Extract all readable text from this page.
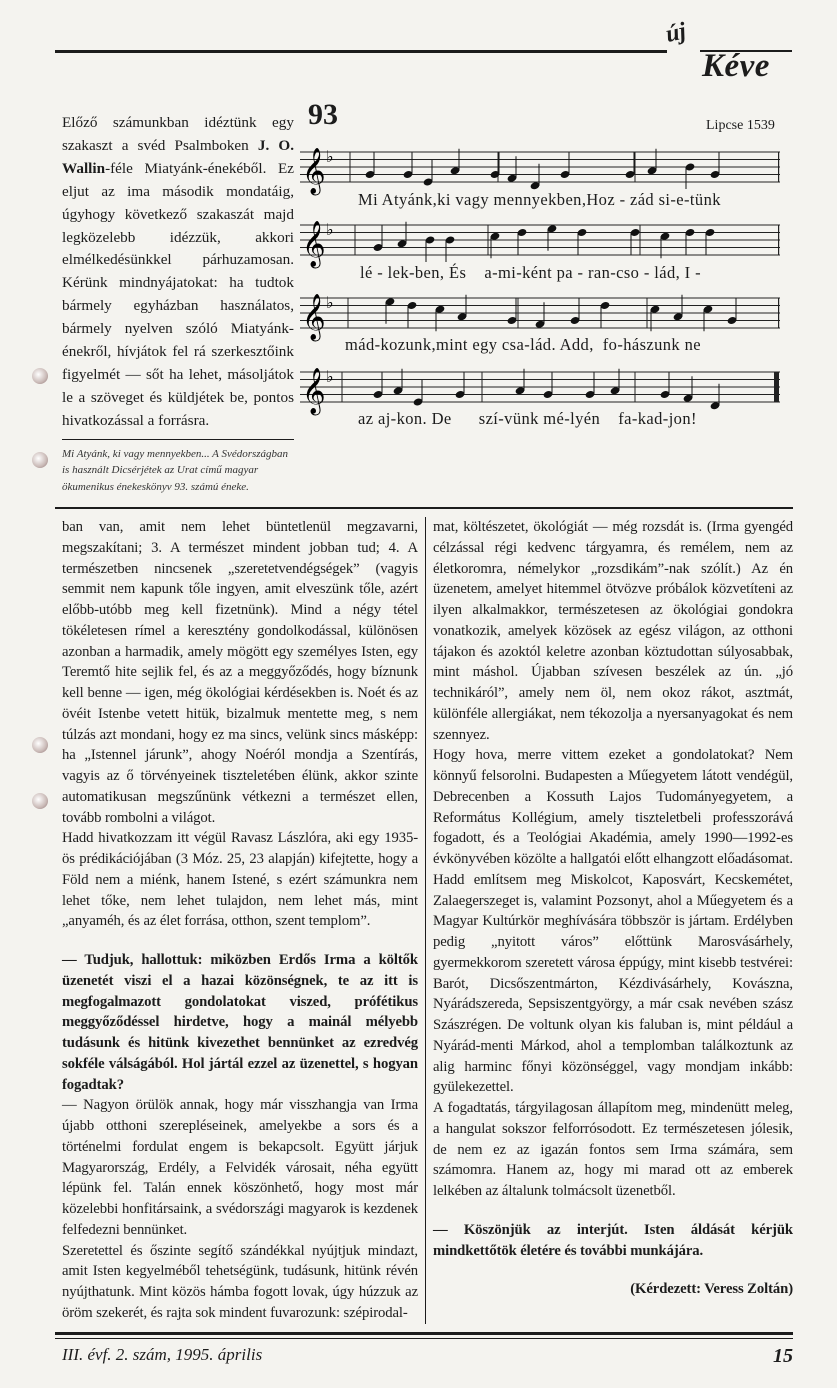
új
Kéve
Előző számunkban idéztünk egy szakaszt a svéd Psalmboken J. O. Wallin-féle Miatyánk-énekéből. Ez eljut az ima második mondatáig, úgyhogy következő szakaszát majd legközelebb idézzük, akkori elmélkedésünkkel párhuzamosan. Kérünk mindnyájatokat: ha tudtok bármely egyházban használatos, bármely nyelven szóló Miatyánk-énekről, hívjátok fel rá szerkesztőink figyelmét — sőt ha lehet, másoljátok le a szöveget és küldjétek be, pontos hivatkozással a forrásra.
Mi Atyánk, ki vagy mennyekben... A Svédországban is használt Dicsérjétek az Urat című magyar ökumenikus énekeskönyv 93. számú éneke.
93	Lipcse 1539
𝄞 ♭
𝄞 ♭
𝄞 ♭
𝄞 ♭
Mi Atyánk,ki vagy mennyekben,Hoz - zád si-e-tünk
lé - lek-ben, És    a-mi-ként pa - ran-cso - lád, I -
mád-kozunk,mint egy csa-lád. Add,  fo-hászunk ne
az aj-kon. De      szí-vünk mé-lyén    fa-kad-jon!

ban van, amit nem lehet büntetlenül megzavarni, megszakítani; 3. A természet mindent jobban tud; 4. A természetben nincsenek „szeretetvendégségek” (vagyis semmit nem kapunk tőle ingyen, amit elveszünk tőle, azért előbb-utóbb meg kell fizetnünk). Mind a négy tétel tökéletesen rímel a keresztény gondolkodással, különösen azonban a harmadik, amely mögött egy személyes Isten, egy Teremtő hite sejlik fel, és az a meggyőződés, hogy bíznunk kell benne — igen, még ökológiai kérdésekben is. Noét és az övéit Istenbe vetett hitük, bizalmuk mentette meg, s nem túlzás azt mondani, hogy ez ma sincs, velünk sincs másképp: ha „Istennel járunk”, ahogy Noéról mondja a Szentírás, vagyis az ő törvényeinek tiszteletében élünk, akkor szinte automatikusan megszűnünk vétkezni a természet ellen, tovább rombolni a világot.

Hadd hivatkozzam itt végül Ravasz Lászlóra, aki egy 1935-ös prédikációjában (3 Móz. 25, 23 alapján) kifejtette, hogy a Föld nem a miénk, hanem Istené, s ezért számunkra nem lehet tőke, nem lehet tulajdon, nem lehet más, mint „anyaméh, és az élet forrása, otthon, szent templom”.

— Tudjuk, hallottuk: miközben Erdős Irma a költők üzenetét viszi el a hazai közönségnek, te az itt is megfogalmazott gondolatokat viszed, prófétikus meggyőződéssel hirdetve, hogy a mainál mélyebb tudásunk és hitünk kivezethet bennünket az ezredvég sokféle válságából. Hol jártál ezzel az üzenettel, s hogyan fogadtak?

— Nagyon örülök annak, hogy már visszhangja van Irma újabb otthoni szerepléseinek, amelyekbe a sors és a történelmi fordulat engem is bekapcsolt. Együtt járjuk Magyarország, Erdély, a Felvidék városait, néha együtt lépünk fel. Talán ennek köszönhető, hogy most már közelebbi honfitársaink, a svédországi magyarok is kezdenek felfedezni bennünket.

Szeretettel és őszinte segítő szándékkal nyújtjuk mindazt, amit Isten kegyelméből tehetségünk, tudásunk, hitünk révén nyújthatunk. Mint közös hámba fogott lovak, úgy húzzuk az öröm szekerét, és rajta sok mindent fuvarozunk: szépirodal-

mat, költészetet, ökológiát — még rozsdát is. (Irma gyengéd célzással régi kedvenc tárgyamra, és remélem, nem az életkoromra, némelykor „rozsdikám”-nak szólít.) Az én üzenetem, amelyet hitemmel ötvözve próbálok közvetíteni az ilyen alkalmakkor, természetesen az ökológiai gondokra vonatkozik, amelyek közösek az egész világon, az otthoni tájakon és azoktól keletre azonban köztudottan súlyosabbak, mint máshol. Újabban szívesen beszélek az ún. „jó technikáról”, amely nem öl, nem okoz rákot, asztmát, különféle allergiákat, nem tékozolja a nyersanyagokat és nem szennyez.

Hogy hova, merre vittem ezeket a gondolatokat? Nem könnyű felsorolni. Budapesten a Műegyetem látott vendégül, Debrecenben a Kossuth Lajos Tudományegyetem, a Református Kollégium, amely tiszteletbeli professzorává fogadott, és a Teológiai Akadémia, amely 1990—1992-es évkönyvében közölte a hallgatói előtt elhangzott előadásomat. Hadd említsem meg Miskolcot, Kaposvárt, Kecskemétet, Zalaegerszeget is, valamint Pozsonyt, ahol a Műegyetem és a Magyar Kultúrkör meghívására többször is jártam. Erdélyben pedig „nyitott város” előttünk Marosvásárhely, gyermekkorom szeretett városa éppúgy, mint kisebb testvérei: Barót, Dicsőszentmárton, Kézdivásárhely, Kovászna, Nyárádszereda, Sepsiszentgyörgy, a már csak nevében szász Szászrégen. De voltunk olyan kis faluban is, mint például a Nyárád-menti Márkod, ahol a templomban találkoztunk az alig harminc főnyi közönséggel, vagy mondjam inkább: gyülekezettel.

A fogadtatás, tárgyilagosan állapítom meg, mindenütt meleg, a hangulat sokszor felforrósodott. Ez természetesen jólesik, de nem ez az igazán fontos sem Irma számára, sem számomra. Hanem az, hogy mi marad ott az emberek lelkében az általunk tolmácsolt üzenetből.

— Köszönjük az interjút. Isten áldását kérjük mindkettőtök életére és további munkájára.

(Kérdezett: Veress Zoltán)

III. évf. 2. szám, 1995. április	15
